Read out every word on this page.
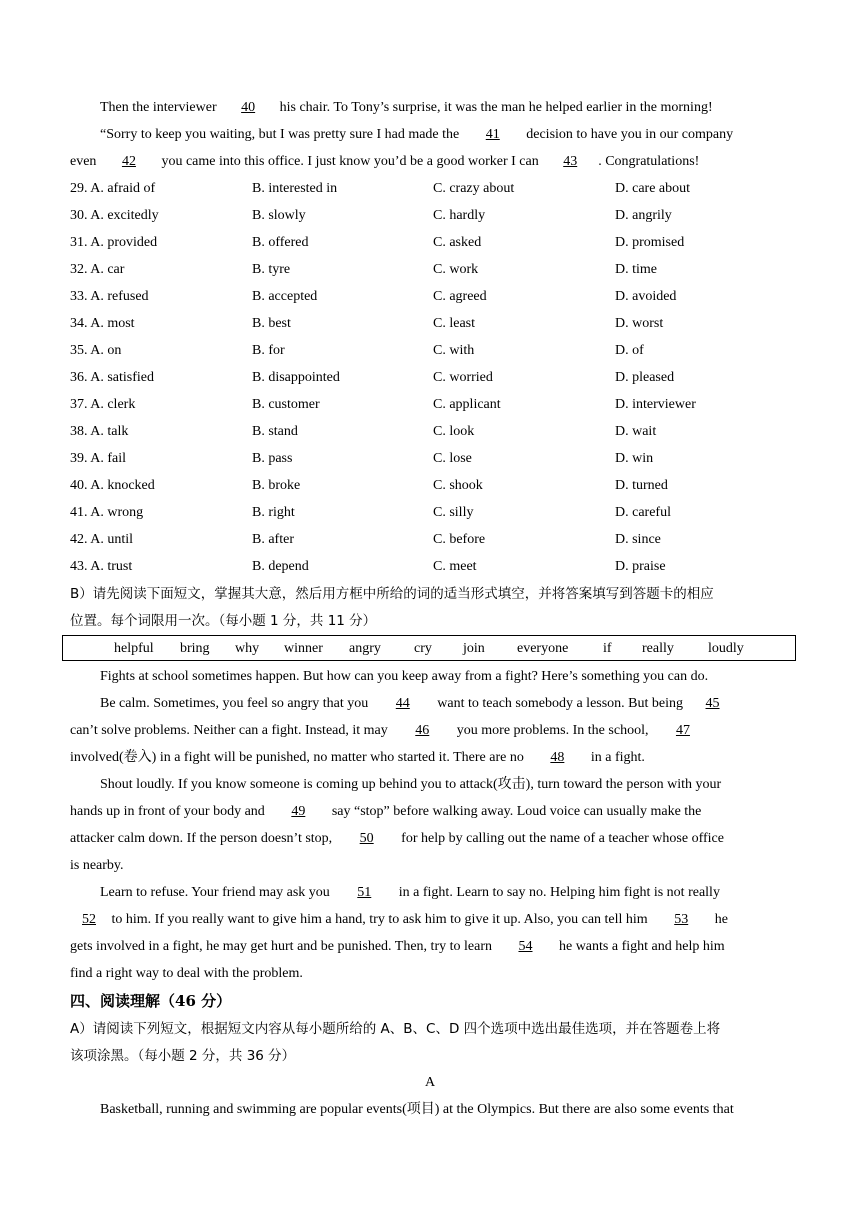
Then the interviewer 40 his chair. To Tony’s surprise, it was the man he helped earlier in the morning!
“Sorry to keep you waiting, but I was pretty sure I had made the 41 decision to have you in our company
even 42 you came into this office. I just know you’d be a good worker I can 43 . Congratulations!
29. A. afraid of	B. interested in	C. crazy about	D. care about
30. A. excitedly	B. slowly	C. hardly	D. angrily
31. A. provided	B. offered	C. asked	D. promised
32. A. car	B. tyre	C. work	D. time
33. A. refused	B. accepted	C. agreed	D. avoided
34. A. most	B. best	C. least	D. worst
35. A. on	B. for	C. with	D. of
36. A. satisfied	B. disappointed	C. worried	D. pleased
37. A. clerk	B. customer	C. applicant	D. interviewer
38. A. talk	B. stand	C. look	D. wait
39. A. fail	B. pass	C. lose	D. win
40. A. knocked	B. broke	C. shook	D. turned
41. A. wrong	B. right	C. silly	D. careful
42. A. until	B. after	C. before	D. since
43. A. trust	B. depend	C. meet	D. praise
B）请先阅读下面短文，掌握其大意，然后用方框中所给的词的适当形式填空，并将答案填写到答题卡的相应
位置。每个词限用一次。（每小题 1 分，共 11 分）
helpful bring why winner angry cry join everyone if really loudly
Fights at school sometimes happen. But how can you keep away from a fight? Here’s something you can do.
Be calm. Sometimes, you feel so angry that you 44 want to teach somebody a lesson. But being 45
can’t solve problems. Neither can a fight. Instead, it may 46 you more problems. In the school, 47
involved(卷入) in a fight will be punished, no matter who started it. There are no 48 in a fight.
Shout loudly. If you know someone is coming up behind you to attack(攻击), turn toward the person with your
hands up in front of your body and 49 say “stop” before walking away. Loud voice can usually make the
attacker calm down. If the person doesn’t stop, 50 for help by calling out the name of a teacher whose office
is nearby.
Learn to refuse. Your friend may ask you 51 in a fight. Learn to say no. Helping him fight is not really
52 to him. If you really want to give him a hand, try to ask him to give it up. Also, you can tell him 53 he
gets involved in a fight, he may get hurt and be punished. Then, try to learn 54 he wants a fight and help him
find a right way to deal with the problem.
四、阅读理解（46 分）
A）请阅读下列短文，根据短文内容从每小题所给的 A、B、C、D 四个选项中选出最佳选项，并在答题卷上将
该项涂黑。（每小题 2 分，共 36 分）
A
Basketball, running and swimming are popular events(项目) at the Olympics. But there are also some events that
